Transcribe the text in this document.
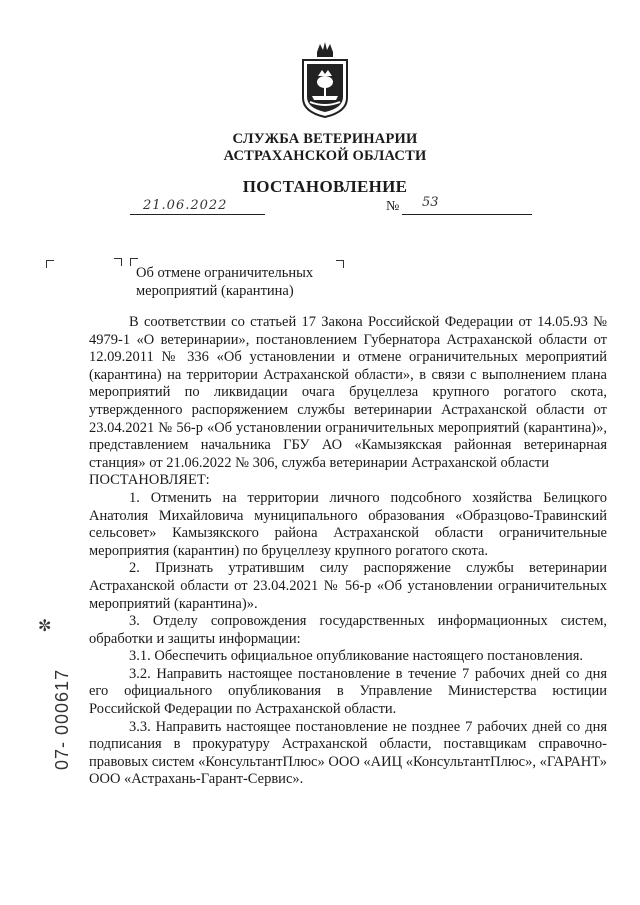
СЛУЖБА ВЕТЕРИНАРИИ
АСТРАХАНСКОЙ ОБЛАСТИ
ПОСТАНОВЛЕНИЕ
21.06.2022	№ 53
Об отмене ограничительных
мероприятий (карантина)

В соответствии со статьей 17 Закона Российской Федерации от 14.05.93 № 4979-1 «О ветеринарии», постановлением Губернатора Астраханской области от 12.09.2011 № 336 «Об установлении и отмене ограничительных мероприятий (карантина) на территории Астраханской области», в связи с выполнением плана мероприятий по ликвидации очага бруцеллеза крупного рогатого скота, утвержденного распоряжением службы ветеринарии Астраханской области от 23.04.2021 № 56-р «Об установлении ограничительных мероприятий (карантина)», представлением начальника ГБУ АО «Камызякская районная ветеринарная станция» от 21.06.2022 № 306, служба ветеринарии Астраханской области

ПОСТАНОВЛЯЕТ:

1. Отменить на территории личного подсобного хозяйства Белицкого Анатолия Михайловича муниципального образования «Образцово-Травинский сельсовет» Камызякского района Астраханской области ограничительные мероприятия (карантин) по бруцеллезу крупного рогатого скота.

2. Признать утратившим силу распоряжение службы ветеринарии Астраханской области от 23.04.2021 № 56-р «Об установлении ограничительных мероприятий (карантина)».

3. Отделу сопровождения государственных информационных систем, обработки и защиты информации:

3.1. Обеспечить официальное опубликование настоящего постановления.

3.2. Направить настоящее постановление в течение 7 рабочих дней со дня его официального опубликования в Управление Министерства юстиции Российской Федерации по Астраханской области.

3.3. Направить настоящее постановление не позднее 7 рабочих дней со дня подписания в прокуратуру Астраханской области, поставщикам справочно-правовых систем «КонсультантПлюс» ООО «АИЦ «КонсультантПлюс», «ГАРАНТ» ООО «Астрахань-Гарант-Сервис».

✼
07- 000617
